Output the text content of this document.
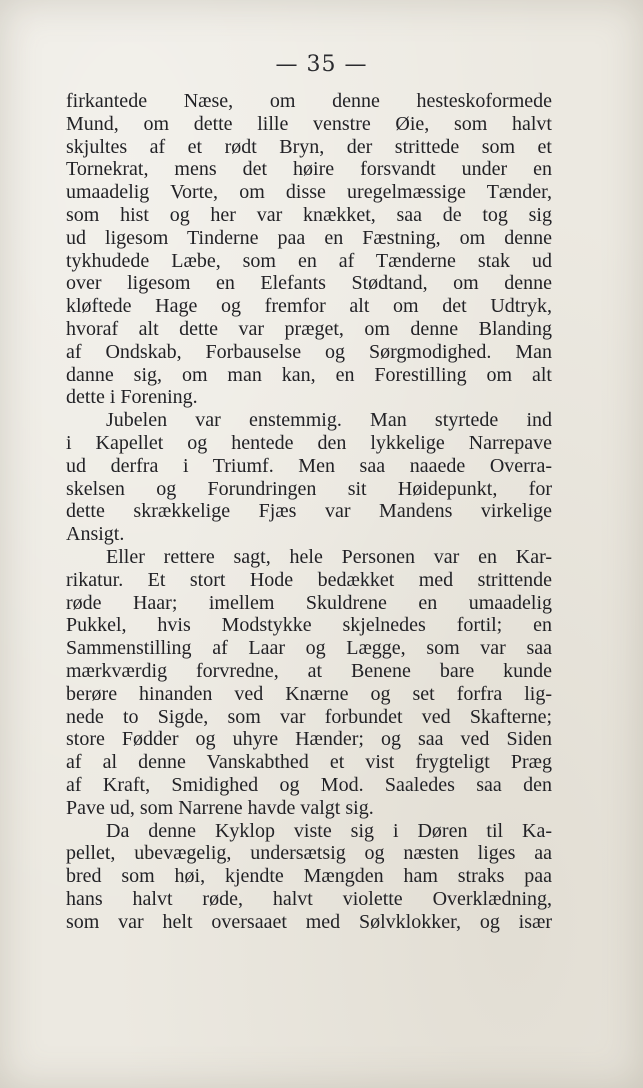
— 35 —
firkantede Næse, om denne hesteskoformede
Mund, om dette lille venstre Øie, som halvt
skjultes af et rødt Bryn, der strittede som et
Tornekrat, mens det høire forsvandt under en
umaadelig Vorte, om disse uregelmæssige Tænder,
som hist og her var knækket, saa de tog sig
ud ligesom Tinderne paa en Fæstning, om denne
tykhudede Læbe, som en af Tænderne stak ud
over ligesom en Elefants Stødtand, om denne
kløftede Hage og fremfor alt om det Udtryk,
hvoraf alt dette var præget, om denne Blanding
af Ondskab, Forbauselse og Sørgmodighed. Man
danne sig, om man kan, en Forestilling om alt
dette i Forening.
Jubelen var enstemmig. Man styrtede ind
i Kapellet og hentede den lykkelige Narrepave
ud derfra i Triumf. Men saa naaede Overra-
skelsen og Forundringen sit Høidepunkt, for
dette skrækkelige Fjæs var Mandens virkelige
Ansigt.
Eller rettere sagt, hele Personen var en Kar-
rikatur. Et stort Hode bedækket med strittende
røde Haar; imellem Skuldrene en umaadelig
Pukkel, hvis Modstykke skjelnedes fortil; en
Sammenstilling af Laar og Lægge, som var saa
mærkværdig forvredne, at Benene bare kunde
berøre hinanden ved Knærne og set forfra lig-
nede to Sigde, som var forbundet ved Skafterne;
store Fødder og uhyre Hænder; og saa ved Siden
af al denne Vanskabthed et vist frygteligt Præg
af Kraft, Smidighed og Mod. Saaledes saa den
Pave ud, som Narrene havde valgt sig.
Da denne Kyklop viste sig i Døren til Ka-
pellet, ubevægelig, undersætsig og næsten liges aa
bred som høi, kjendte Mængden ham straks paa
hans halvt røde, halvt violette Overklædning,
som var helt oversaaet med Sølvklokker, og især
